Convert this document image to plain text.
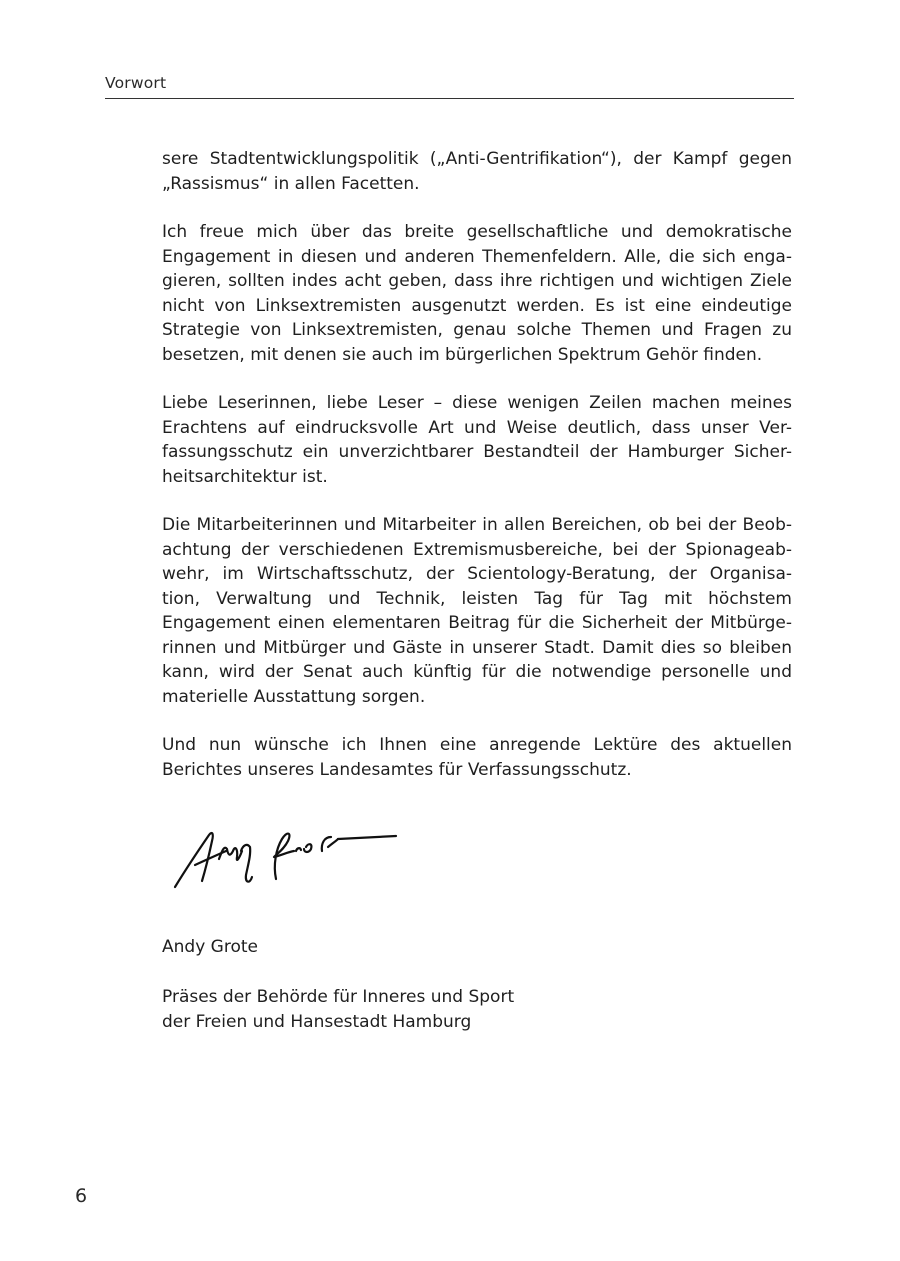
Vorwort

sere Stadtentwicklungspolitik („Anti-Gentrifikation“), der Kampf gegen
„Rassismus“ in allen Facetten.

Ich freue mich über das breite gesellschaftliche und demokratische
Engagement in diesen und anderen Themenfeldern. Alle, die sich enga-
gieren, sollten indes acht geben, dass ihre richtigen und wichtigen Ziele
nicht von Linksextremisten ausgenutzt werden. Es ist eine eindeutige
Strategie von Linksextremisten, genau solche Themen und Fragen zu
besetzen, mit denen sie auch im bürgerlichen Spektrum Gehör finden.

Liebe Leserinnen, liebe Leser – diese wenigen Zeilen machen meines
Erachtens auf eindrucksvolle Art und Weise deutlich, dass unser Ver-
fassungsschutz ein unverzichtbarer Bestandteil der Hamburger Sicher-
heitsarchitektur ist.

Die Mitarbeiterinnen und Mitarbeiter in allen Bereichen, ob bei der Beob-
achtung der verschiedenen Extremismusbereiche, bei der Spionageab-
wehr, im Wirtschaftsschutz, der Scientology-Beratung, der Organisa-
tion, Verwaltung und Technik, leisten Tag für Tag mit höchstem
Engagement einen elementaren Beitrag für die Sicherheit der Mitbürge-
rinnen und Mitbürger und Gäste in unserer Stadt. Damit dies so bleiben
kann, wird der Senat auch künftig für die notwendige personelle und
materielle Ausstattung sorgen.

Und nun wünsche ich Ihnen eine anregende Lektüre des aktuellen
Berichtes unseres Landesamtes für Verfassungsschutz.

Andy Grote
Präses der Behörde für Inneres und Sport
der Freien und Hansestadt Hamburg
6
